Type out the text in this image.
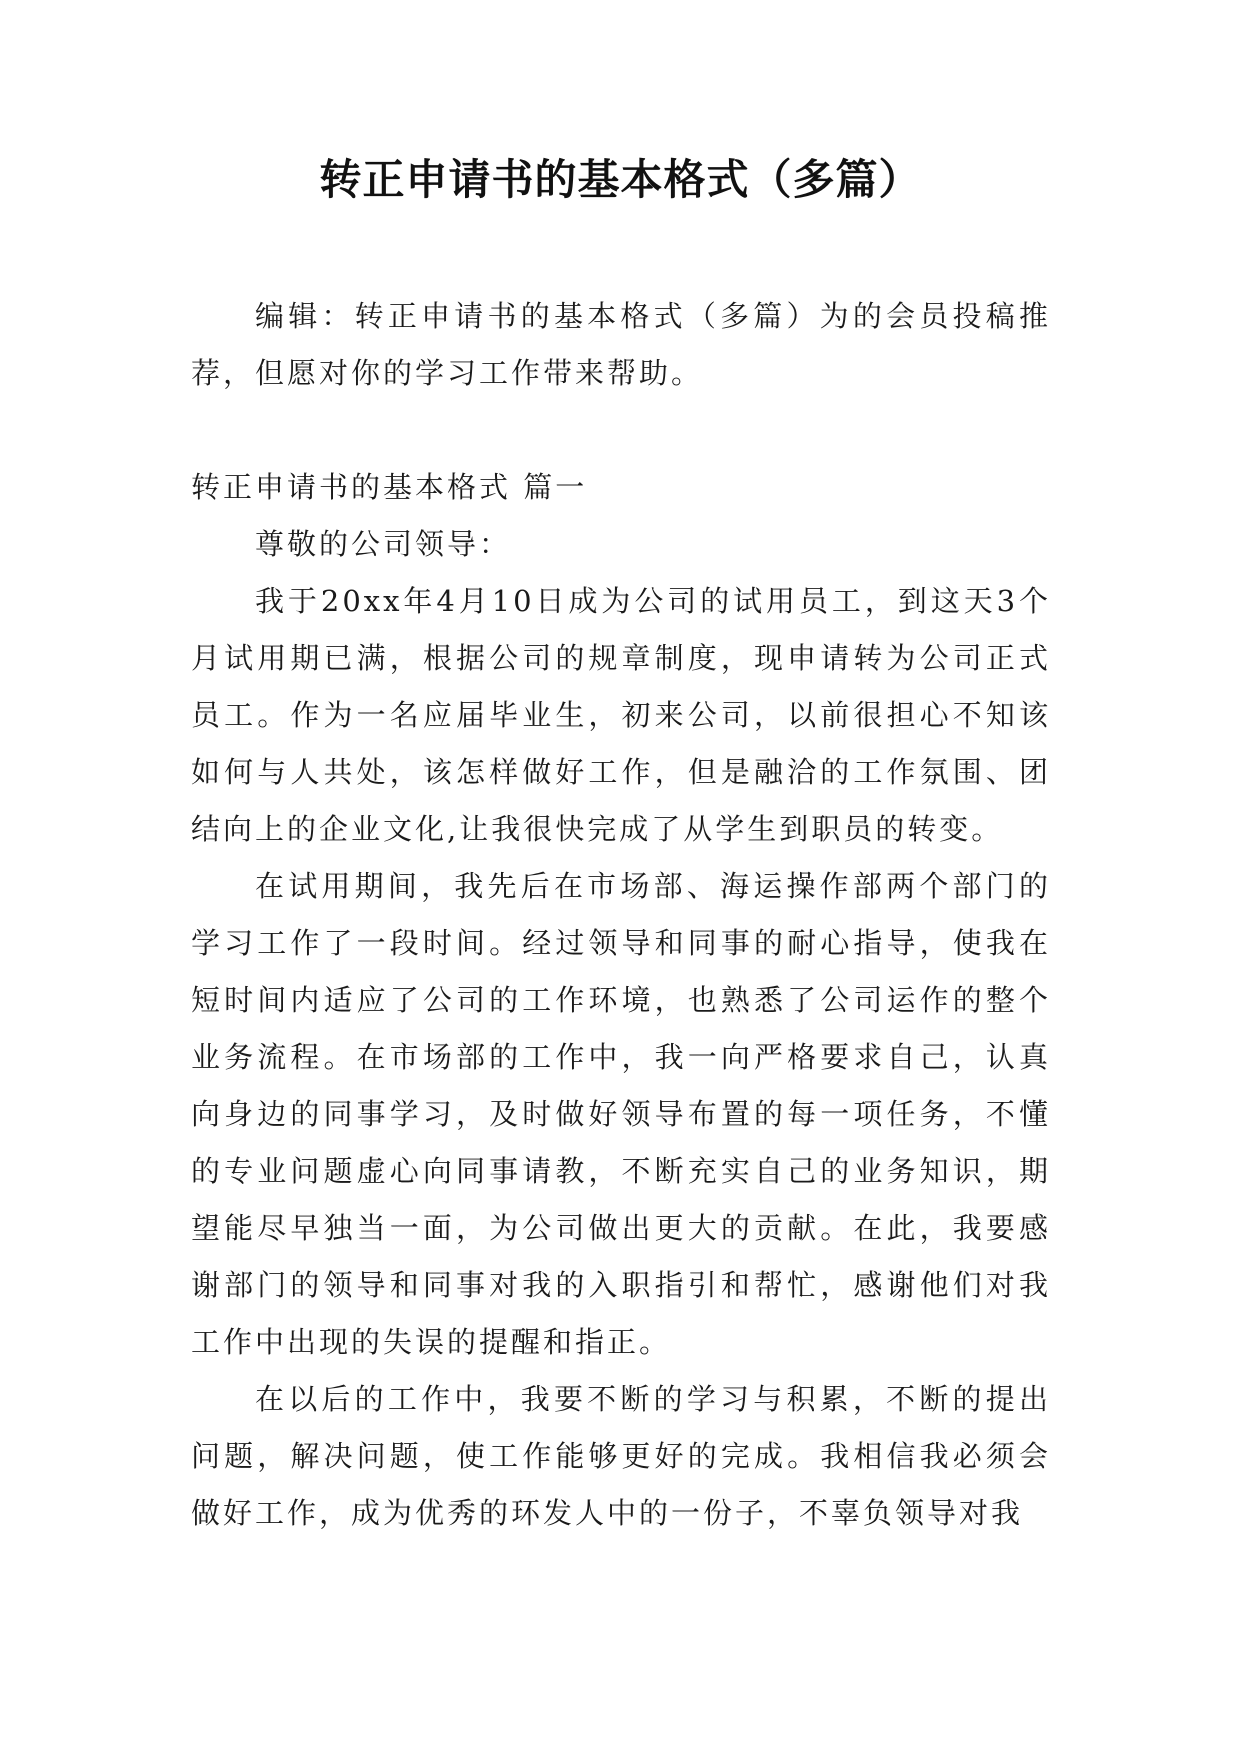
转正申请书的基本格式（多篇）

编辑：转正申请书的基本格式（多篇）为的会员投稿推荐，但愿对你的学习工作带来帮助。

转正申请书的基本格式 篇一

尊敬的公司领导：

我于20xx年4月10日成为公司的试用员工，到这天3个月试用期已满，根据公司的规章制度，现申请转为公司正式员工。作为一名应届毕业生，初来公司，以前很担心不知该如何与人共处，该怎样做好工作，但是融洽的工作氛围、团结向上的企业文化,让我很快完成了从学生到职员的转变。

在试用期间，我先后在市场部、海运操作部两个部门的学习工作了一段时间。经过领导和同事的耐心指导，使我在短时间内适应了公司的工作环境，也熟悉了公司运作的整个业务流程。在市场部的工作中，我一向严格要求自己，认真向身边的同事学习，及时做好领导布置的每一项任务，不懂的专业问题虚心向同事请教，不断充实自己的业务知识，期望能尽早独当一面，为公司做出更大的贡献。在此，我要感谢部门的领导和同事对我的入职指引和帮忙，感谢他们对我工作中出现的失误的提醒和指正。

在以后的工作中，我要不断的学习与积累，不断的提出问题，解决问题，使工作能够更好的完成。我相信我必须会做好工作，成为优秀的环发人中的一份子，不辜负领导对我
